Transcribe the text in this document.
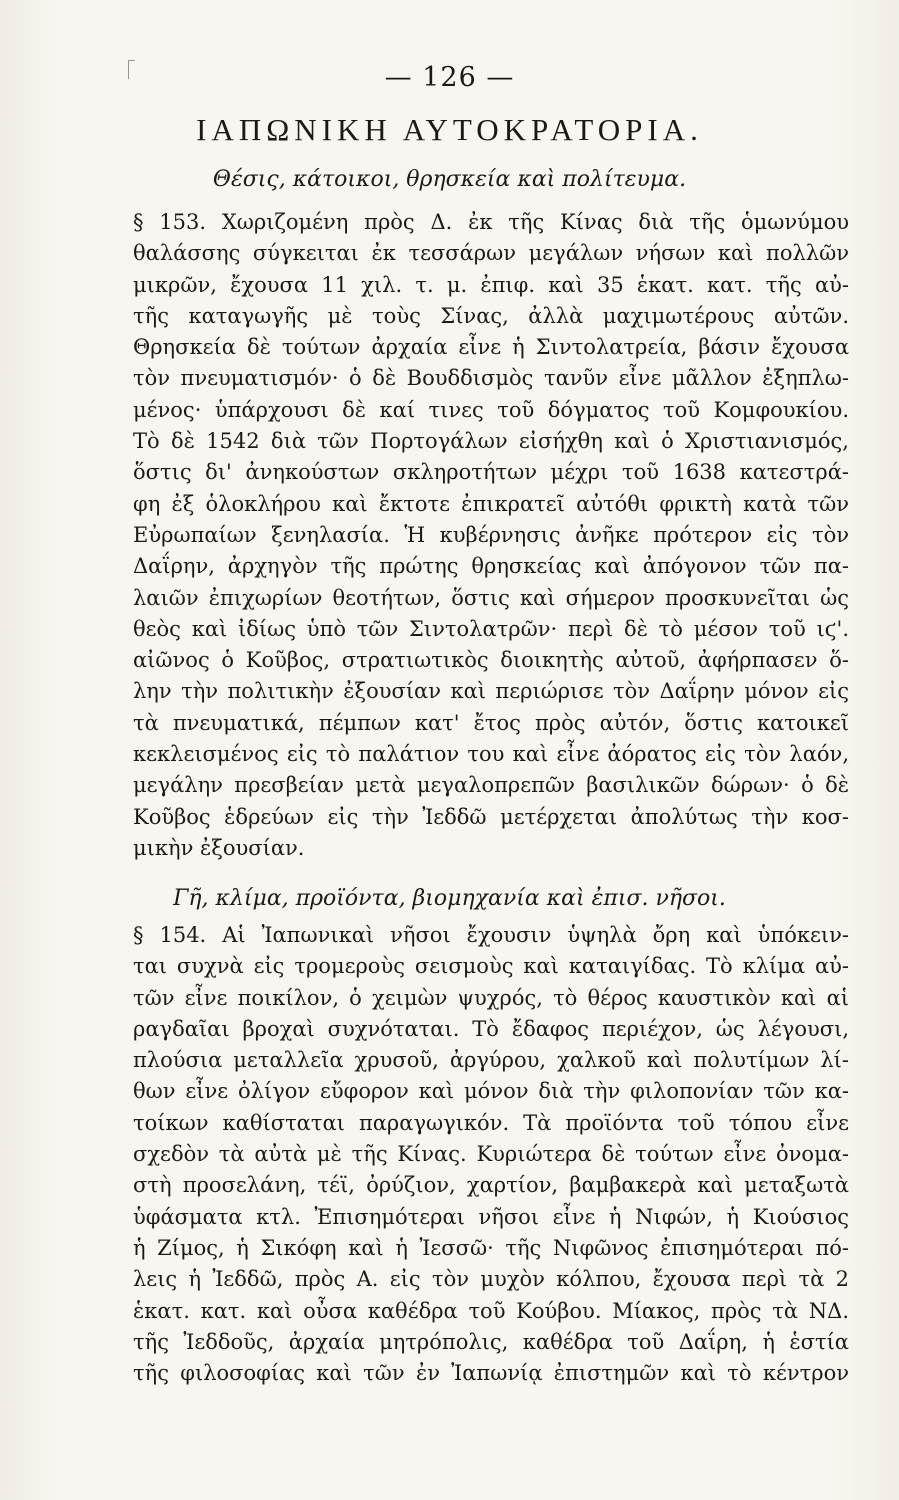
— 126 —
ΙΑΠΩΝΙΚΗ ΑΥΤΟΚΡΑΤΟΡΙΑ.
Θέσις, κάτοικοι, θρησκεία καὶ πολίτευμα.
§ 153. Χωριζομένη πρὸς Δ. ἐκ τῆς Κίνας διὰ τῆς ὁμωνύμου
θαλάσσης σύγκειται ἐκ τεσσάρων μεγάλων νήσων καὶ πολλῶν
μικρῶν, ἔχουσα 11 χιλ. τ. μ. ἐπιφ. καὶ 35 ἑκατ. κατ. τῆς αὐ-
τῆς καταγωγῆς μὲ τοὺς Σίνας, ἀλλὰ μαχιμωτέρους αὐτῶν.
Θρησκεία δὲ τούτων ἀρχαία εἶνε ἡ Σιντολατρεία, βάσιν ἔχουσα
τὸν πνευματισμόν· ὁ δὲ Βουδδισμὸς τανῦν εἶνε μᾶλλον ἐξηπλω-
μένος· ὑπάρχουσι δὲ καί τινες τοῦ δόγματος τοῦ Κομφουκίου.
Τὸ δὲ 1542 διὰ τῶν Πορτογάλων εἰσήχθη καὶ ὁ Χριστιανισμός,
ὅστις δι' ἀνηκούστων σκληροτήτων μέχρι τοῦ 1638 κατεστρά-
φη ἐξ ὁλοκλήρου καὶ ἔκτοτε ἐπικρατεῖ αὐτόθι φρικτὴ κατὰ τῶν
Εὐρωπαίων ξενηλασία. Ἡ κυβέρνησις ἀνῆκε πρότερον εἰς τὸν
Δαΐρην, ἀρχηγὸν τῆς πρώτης θρησκείας καὶ ἀπόγονον τῶν πα-
λαιῶν ἐπιχωρίων θεοτήτων, ὅστις καὶ σήμερον προσκυνεῖται ὡς
θεὸς καὶ ἰδίως ὑπὸ τῶν Σιντολατρῶν· περὶ δὲ τὸ μέσον τοῦ ιϛ'.
αἰῶνος ὁ Κοῦβος, στρατιωτικὸς διοικητὴς αὐτοῦ, ἀφήρπασεν ὅ-
λην τὴν πολιτικὴν ἐξουσίαν καὶ περιώρισε τὸν Δαΐρην μόνον εἰς
τὰ πνευματικά, πέμπων κατ' ἔτος πρὸς αὐτόν, ὅστις κατοικεῖ
κεκλεισμένος εἰς τὸ παλάτιον του καὶ εἶνε ἀόρατος εἰς τὸν λαόν,
μεγάλην πρεσβείαν μετὰ μεγαλοπρεπῶν βασιλικῶν δώρων· ὁ δὲ
Κοῦβος ἑδρεύων εἰς τὴν Ἰεδδῶ μετέρχεται ἀπολύτως τὴν κοσ-
μικὴν ἐξουσίαν.
Γῆ, κλίμα, προϊόντα, βιομηχανία καὶ ἐπισ. νῆσοι.
§ 154. Αἱ Ἰαπωνικαὶ νῆσοι ἔχουσιν ὑψηλὰ ὄρη καὶ ὑπόκειν-
ται συχνὰ εἰς τρομεροὺς σεισμοὺς καὶ καταιγίδας. Τὸ κλίμα αὐ-
τῶν εἶνε ποικίλον, ὁ χειμὼν ψυχρός, τὸ θέρος καυστικὸν καὶ αἱ
ραγδαῖαι βροχαὶ συχνόταται. Τὸ ἔδαφος περιέχον, ὡς λέγουσι,
πλούσια μεταλλεῖα χρυσοῦ, ἀργύρου, χαλκοῦ καὶ πολυτίμων λί-
θων εἶνε ὀλίγον εὔφορον καὶ μόνον διὰ τὴν φιλοπονίαν τῶν κα-
τοίκων καθίσταται παραγωγικόν. Τὰ προϊόντα τοῦ τόπου εἶνε
σχεδὸν τὰ αὐτὰ μὲ τῆς Κίνας. Κυριώτερα δὲ τούτων εἶνε ὀνομα-
στὴ προσελάνη, τέϊ, ὀρύζιον, χαρτίον, βαμβακερὰ καὶ μεταξωτὰ
ὑφάσματα κτλ. Ἐπισημότεραι νῆσοι εἶνε ἡ Νιφών, ἡ Κιούσιος
ἡ Ζίμος, ἡ Σικόφη καὶ ἡ Ἰεσσῶ· τῆς Νιφῶνος ἐπισημότεραι πό-
λεις ἡ Ἰεδδῶ, πρὸς Α. εἰς τὸν μυχὸν κόλπου, ἔχουσα περὶ τὰ 2
ἑκατ. κατ. καὶ οὖσα καθέδρα τοῦ Κούβου. Μίακος, πρὸς τὰ ΝΔ.
τῆς Ἰεδδοῦς, ἀρχαία μητρόπολις, καθέδρα τοῦ Δαΐρη, ἡ ἑστία
τῆς φιλοσοφίας καὶ τῶν ἐν Ἰαπωνίᾳ ἐπιστημῶν καὶ τὸ κέντρον
